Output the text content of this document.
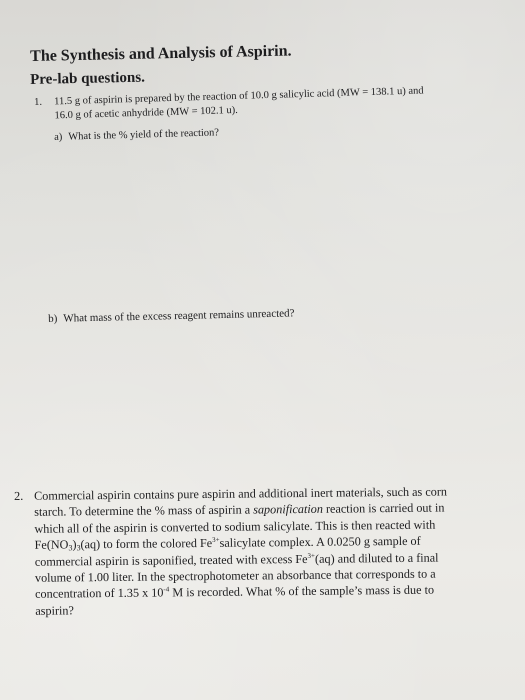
The Synthesis and Analysis of Aspirin.
Pre-lab questions.
1. 11.5 g of aspirin is prepared by the reaction of 10.0 g salicylic acid (MW = 138.1 u) and
16.0 g of acetic anhydride (MW = 102.1 u).
a) What is the % yield of the reaction?
b) What mass of the excess reagent remains unreacted?
2. Commercial aspirin contains pure aspirin and additional inert materials, such as corn
starch. To determine the % mass of aspirin a saponification reaction is carried out in
which all of the aspirin is converted to sodium salicylate. This is then reacted with
$Fe(NO_3)_3(aq)$ to form the colored $Fe^{3+}salicylate$ complex. A 0.0250 g sample of
commercial aspirin is saponified, treated with excess $Fe^{3+}(aq)$ and diluted to a final
volume of 1.00 liter. In the spectrophotometer an absorbance that corresponds to a
concentration of 1.35 x $10^{-4}$ M is recorded. What % of the sample’s mass is due to
aspirin?
